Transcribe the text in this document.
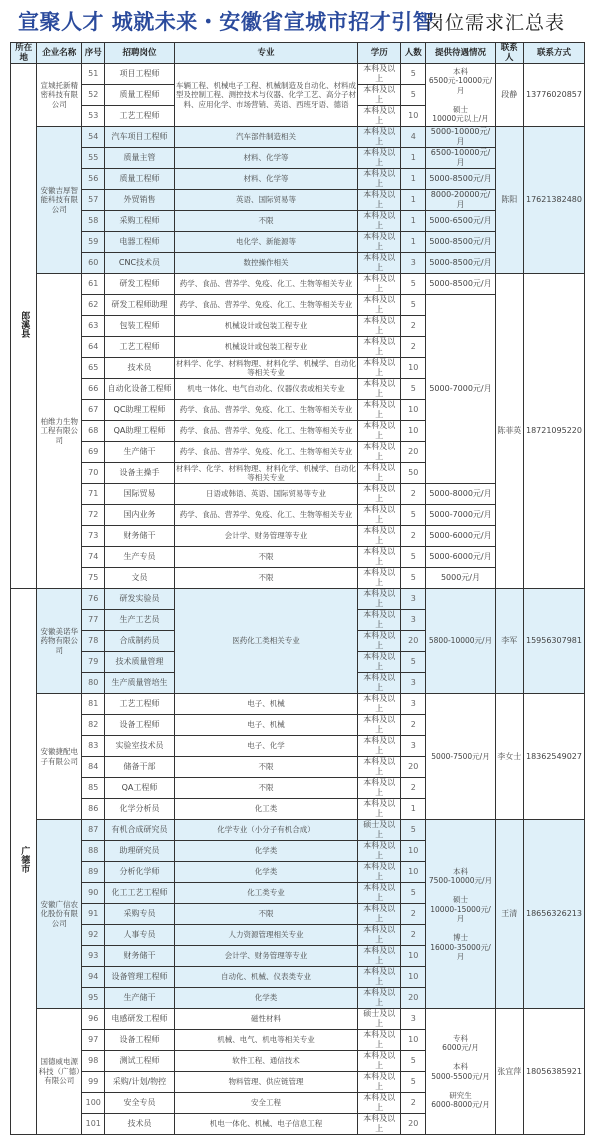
宣聚人才 城就未来・安徽省宣城市招才引智
岗位需求汇总表
所在地	企业名称	序号	招聘岗位	专业	学历	人数	提供待遇情况	联系人	联系方式
郎溪县	宣城托新精密科技有限公司	51	项目工程师	车辆工程、机械电子工程、机械制造及自动化、材料成型及控制工程、测控技术与仪器、化学工艺、高分子材料、应用化学、市场营销、英语、西班牙语、德语	本科及以上	5	本科
6500元-10000元/月

硕士
10000元以上/月	段静	13776020857
		52	质量工程师		本科及以上	5			
		53	工艺工程师		本科及以上	10			
	安徽吉厚智能科技有限公司	54	汽车项目工程师	汽车部件制造相关	本科及以上	4	5000-10000元/月	陈阳	17621382480
		55	质量主管	材料、化学等	本科及以上	1	6500-10000元/月		
		56	质量工程师	材料、化学等	本科及以上	1	5000-8500元/月		
		57	外贸销售	英语、国际贸易等	本科及以上	1	8000-20000元/月		
		58	采购工程师	不限	本科及以上	1	5000-6500元/月		
		59	电器工程师	电化学、新能源等	本科及以上	1	5000-8500元/月		
		60	CNC技术员	数控操作相关	本科及以上	3	5000-8500元/月		
	柏维力生物工程有限公司	61	研发工程师	药学、食品、营养学、免疫、化工、生物等相关专业	本科及以上	5	5000-8500元/月	陈菲英	18721095220
		62	研发工程师助理	药学、食品、营养学、免疫、化工、生物等相关专业	本科及以上	5	5000-7000元/月		
		63	包装工程师	机械设计或包装工程专业	本科及以上	2			
		64	工艺工程师	机械设计或包装工程专业	本科及以上	2			
		65	技术员	材料学、化学、材料物理、材料化学、机械学、自动化等相关专业	本科及以上	10			
		66	自动化设备工程师	机电一体化、电气自动化、仪器仪表或相关专业	本科及以上	5			
		67	QC助理工程师	药学、食品、营养学、免疫、化工、生物等相关专业	本科及以上	10			
		68	QA助理工程师	药学、食品、营养学、免疫、化工、生物等相关专业	本科及以上	10			
		69	生产储干	药学、食品、营养学、免疫、化工、生物等相关专业	本科及以上	20			
		70	设备主操手	材料学、化学、材料物理、材料化学、机械学、自动化等相关专业	本科及以上	50			
		71	国际贸易	日语或韩语、英语、国际贸易等专业	本科及以上	2	5000-8000元/月		
		72	国内业务	药学、食品、营养学、免疫、化工、生物等相关专业	本科及以上	5	5000-7000元/月		
		73	财务储干	会计学、财务管理等专业	本科及以上	2	5000-6000元/月		
		74	生产专员	不限	本科及以上	5	5000-6000元/月		
		75	文员	不限	本科及以上	5	5000元/月		
广德市	安徽美诺华药物有限公司	76	研发实验员	医药化工类相关专业	本科及以上	3	5800-10000元/月	李军	15956307981
		77	生产工艺员		本科及以上	3			
		78	合成制药员		本科及以上	20			
		79	技术质量管理		本科及以上	5			
		80	生产质量管培生		本科及以上	3			
	安徽捷配电子有限公司	81	工艺工程师	电子、机械	本科及以上	3	5000-7500元/月	李女士	18362549027
		82	设备工程师	电子、机械	本科及以上	2			
		83	实验室技术员	电子、化学	本科及以上	3			
		84	储备干部	不限	本科及以上	20			
		85	QA工程师	不限	本科及以上	2			
		86	化学分析员	化工类	本科及以上	1			
安徽广信农化股份有限公司	87	有机合成研究员	化学专业（小分子有机合成）	硕士及以上	5	本科
7500-10000元/月

硕士
10000-15000元/月

博士
16000-35000元/月	王清	18656326213
		88	助理研究员	化学类	本科及以上	10			
		89	分析化学师	化学类	本科及以上	10			
		90	化工工艺工程师	化工类专业	本科及以上	5			
		91	采购专员	不限	本科及以上	2			
		92	人事专员	人力资源管理相关专业	本科及以上	2			
		93	财务储干	会计学、财务管理等专业	本科及以上	10			
		94	设备管理工程师	自动化、机械、仪表类专业	本科及以上	10			
		95	生产储干	化学类	本科及以上	20			
国德威电源科技（广德）有限公司	96	电感研发工程师	磁性材料	硕士及以上	3	专科
6000元/月

本科
5000-5500元/月

研究生
6000-8000元/月	张宜萍	18056385921
		97	设备工程师	机械、电气、机电等相关专业	本科及以上	10			
		98	测试工程师	软件工程、通信技术	本科及以上	5			
		99	采购/计划/物控	物料管理、供应链管理	本科及以上	5			
		100	安全专员	安全工程	本科及以上	2			
		101	技术员	机电一体化、机械、电子信息工程	本科及以上	20			
